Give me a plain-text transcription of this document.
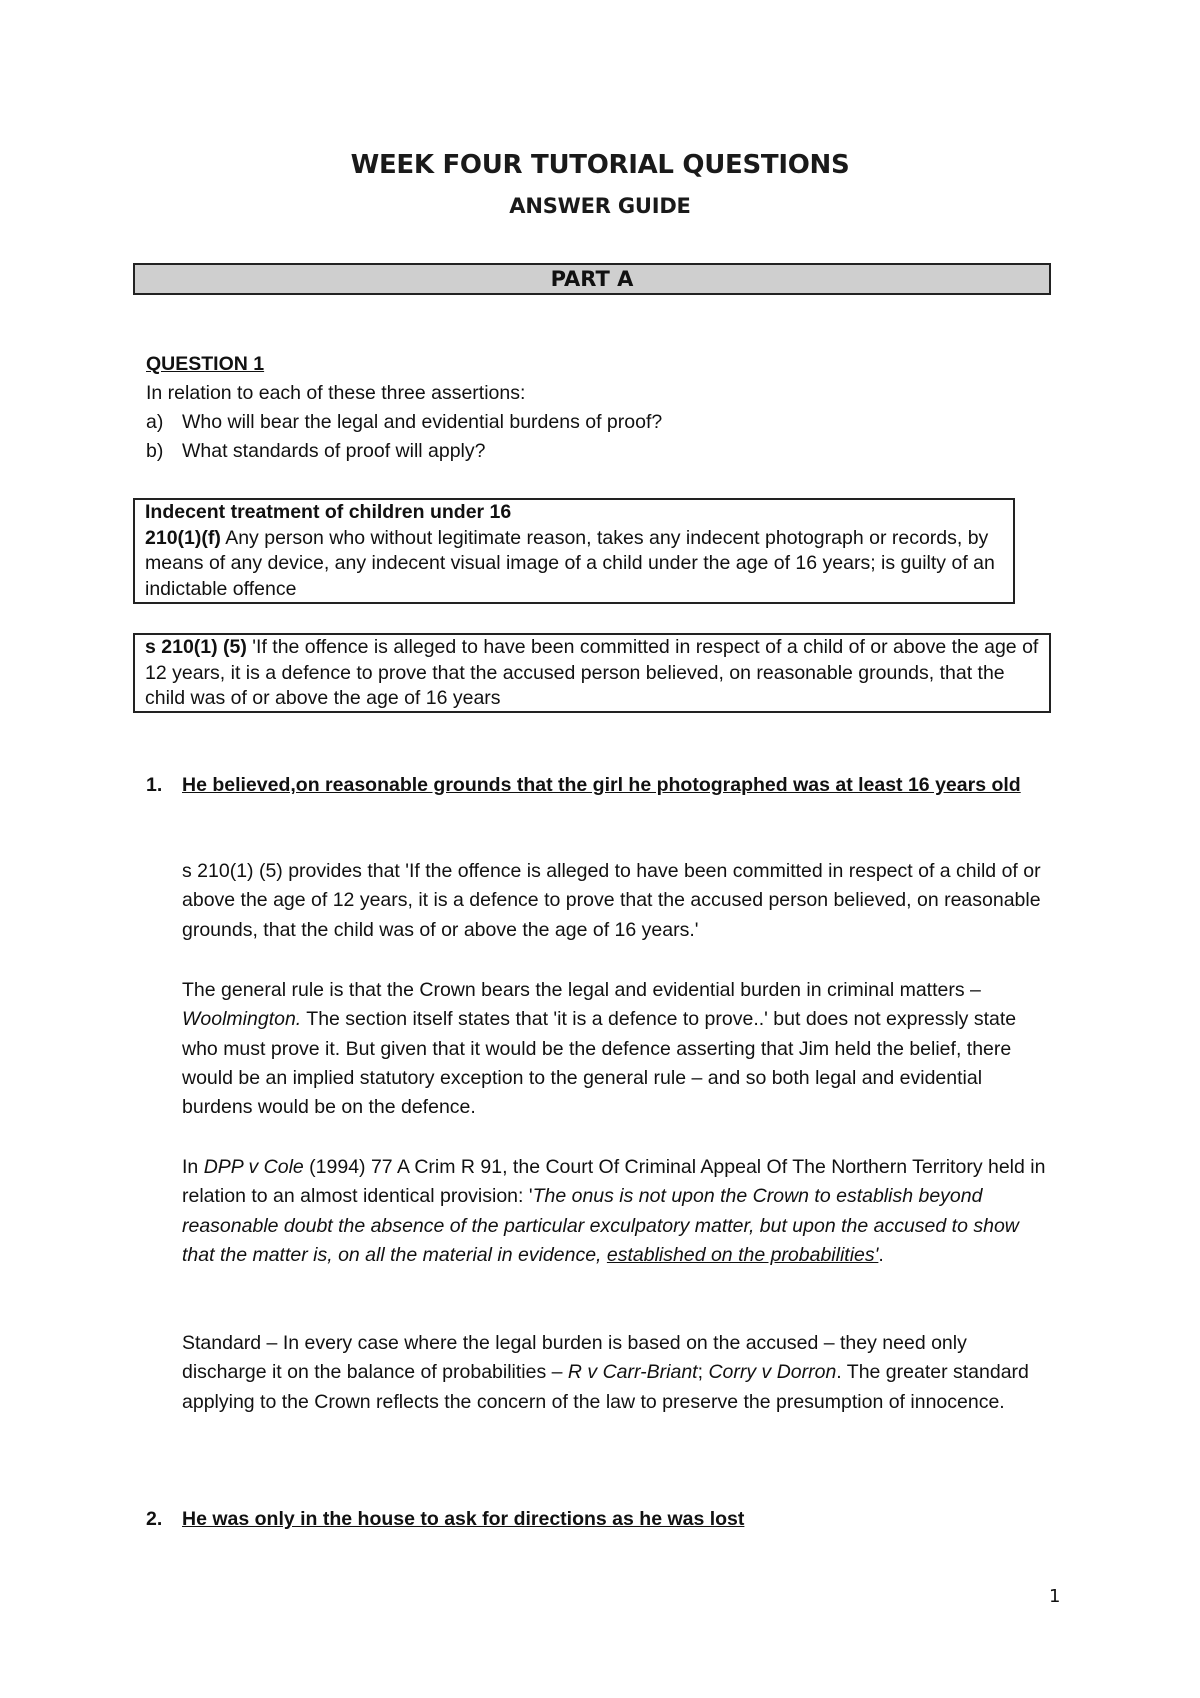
WEEK FOUR TUTORIAL QUESTIONS
ANSWER GUIDE
PART A
QUESTION 1
In relation to each of these three assertions:
a) Who will bear the legal and evidential burdens of proof?
b) What standards of proof will apply?
Indecent treatment of children under 16
210(1)(f) Any person who without legitimate reason, takes any indecent photograph or records, by means of any device, any indecent visual image of a child under the age of 16 years; is guilty of an indictable offence
s 210(1) (5) 'If the offence is alleged to have been committed in respect of a child of or above the age of 12 years, it is a defence to prove that the accused person believed, on reasonable grounds, that the child was of or above the age of 16 years
1.	He believed,on reasonable grounds that the girl he photographed was at least 16 years old
s 210(1) (5) provides that 'If the offence is alleged to have been committed in respect of a child of or above the age of 12 years, it is a defence to prove that the accused person believed, on reasonable grounds, that the child was of or above the age of 16 years.'
The general rule is that the Crown bears the legal and evidential burden in criminal matters – Woolmington. The section itself states that 'it is a defence to prove..' but does not expressly state who must prove it. But given that it would be the defence asserting that Jim held the belief, there would be an implied statutory exception to the general rule – and so both legal and evidential burdens would be on the defence.
In DPP v Cole (1994) 77 A Crim R 91, the Court Of Criminal Appeal Of The Northern Territory held in relation to an almost identical provision: 'The onus is not upon the Crown to establish beyond reasonable doubt the absence of the particular exculpatory matter, but upon the accused to show that the matter is, on all the material in evidence, established on the probabilities'.
Standard – In every case where the legal burden is based on the accused – they need only discharge it on the balance of probabilities – R v Carr-Briant; Corry v Dorron. The greater standard applying to the Crown reflects the concern of the law to preserve the presumption of innocence.
2.	He was only in the house to ask for directions as he was lost
1
